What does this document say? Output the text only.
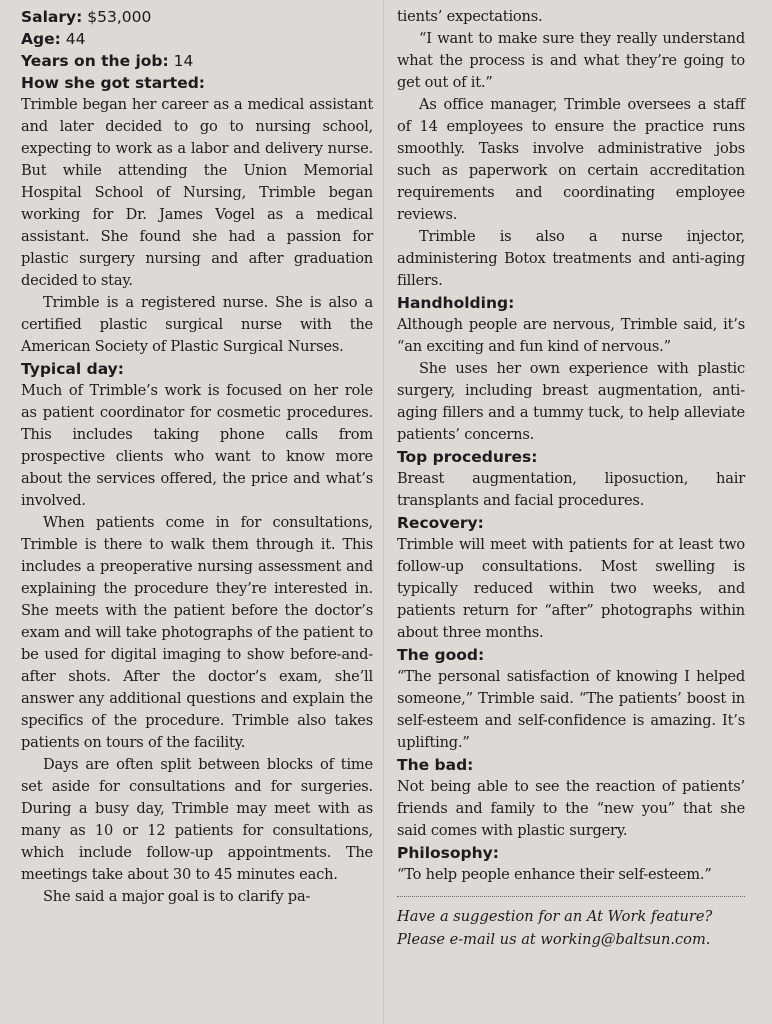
Salary: $53,000

Age: 44

Years on the job: 14

How she got started:

Trimble began her career as a medical assistant and later decided to go to nursing school, expecting to work as a labor and delivery nurse. But while attending the Union Memorial Hospital School of Nursing, Trimble began working for Dr. James Vogel as a medical assistant. She found she had a passion for plastic surgery nursing and after graduation decided to stay.

Trimble is a registered nurse. She is also a certified plastic surgical nurse with the American Society of Plastic Surgical Nurses.

Typical day:

Much of Trimble’s work is focused on her role as patient coordinator for cosmetic procedures. This includes taking phone calls from prospective clients who want to know more about the services offered, the price and what’s involved.

When patients come in for consultations, Trimble is there to walk them through it. This includes a preoperative nursing assessment and explaining the procedure they’re interested in. She meets with the patient before the doctor’s exam and will take photographs of the patient to be used for digital imaging to show before-and-after shots. After the doctor’s exam, she’ll answer any additional questions and explain the specifics of the procedure. Trimble also takes patients on tours of the facility.

Days are often split between blocks of time set aside for consultations and for surgeries. During a busy day, Trimble may meet with as many as 10 or 12 patients for consultations, which include follow-up appointments. The meetings take about 30 to 45 minutes each.

She said a major goal is to clarify pa-

tients’ expectations.

“I want to make sure they really understand what the process is and what they’re going to get out of it.”

As office manager, Trimble oversees a staff of 14 employees to ensure the practice runs smoothly. Tasks involve administrative jobs such as paperwork on certain accreditation requirements and coordinating employee reviews.

Trimble is also a nurse injector, administering Botox treatments and anti-aging fillers.

Handholding:

Although people are nervous, Trimble said, it’s “an exciting and fun kind of nervous.”

She uses her own experience with plastic surgery, including breast augmentation, anti-aging fillers and a tummy tuck, to help alleviate patients’ concerns.

Top procedures:

Breast augmentation, liposuction, hair transplants and facial procedures.

Recovery:

Trimble will meet with patients for at least two follow-up consultations. Most swelling is typically reduced within two weeks, and patients return for “after” photographs within about three months.

The good:

“The personal satisfaction of knowing I helped someone,” Trimble said. “The patients’ boost in self-esteem and self-confidence is amazing. It’s uplifting.”

The bad:

Not being able to see the reaction of patients’ friends and family to the “new you” that she said comes with plastic surgery.

Philosophy:

“To help people enhance their self-esteem.”

Have a suggestion for an At Work feature?

Please e-mail us at working@baltsun.com.
